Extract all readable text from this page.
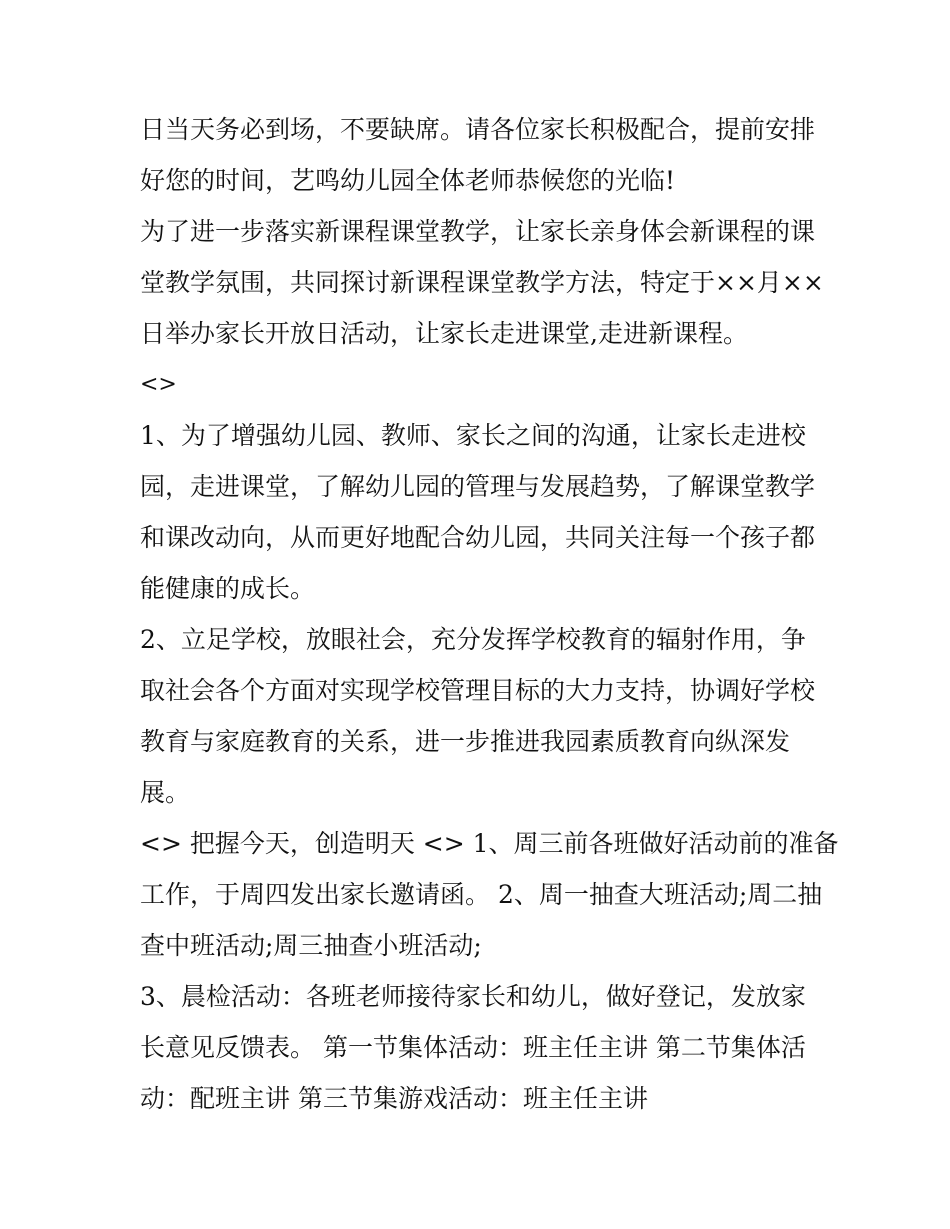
日当天务必到场，不要缺席。请各位家长积极配合，提前安排
好您的时间，艺鸣幼儿园全体老师恭候您的光临!
为了进一步落实新课程课堂教学，让家长亲身体会新课程的课
堂教学氛围，共同探讨新课程课堂教学方法，特定于××月××
日举办家长开放日活动，让家长走进课堂,走进新课程。
<>
1、为了增强幼儿园、教师、家长之间的沟通，让家长走进校
园，走进课堂，了解幼儿园的管理与发展趋势，了解课堂教学
和课改动向，从而更好地配合幼儿园，共同关注每一个孩子都
能健康的成长。
2、立足学校，放眼社会，充分发挥学校教育的辐射作用，争
取社会各个方面对实现学校管理目标的大力支持，协调好学校
教育与家庭教育的关系，进一步推进我园素质教育向纵深发
展。
<> 把握今天，创造明天 <> 1、周三前各班做好活动前的准备
工作，于周四发出家长邀请函。 2、周一抽查大班活动;周二抽
查中班活动;周三抽查小班活动;
3、晨检活动：各班老师接待家长和幼儿，做好登记，发放家
长意见反馈表。 第一节集体活动：班主任主讲 第二节集体活
动：配班主讲 第三节集游戏活动：班主任主讲
